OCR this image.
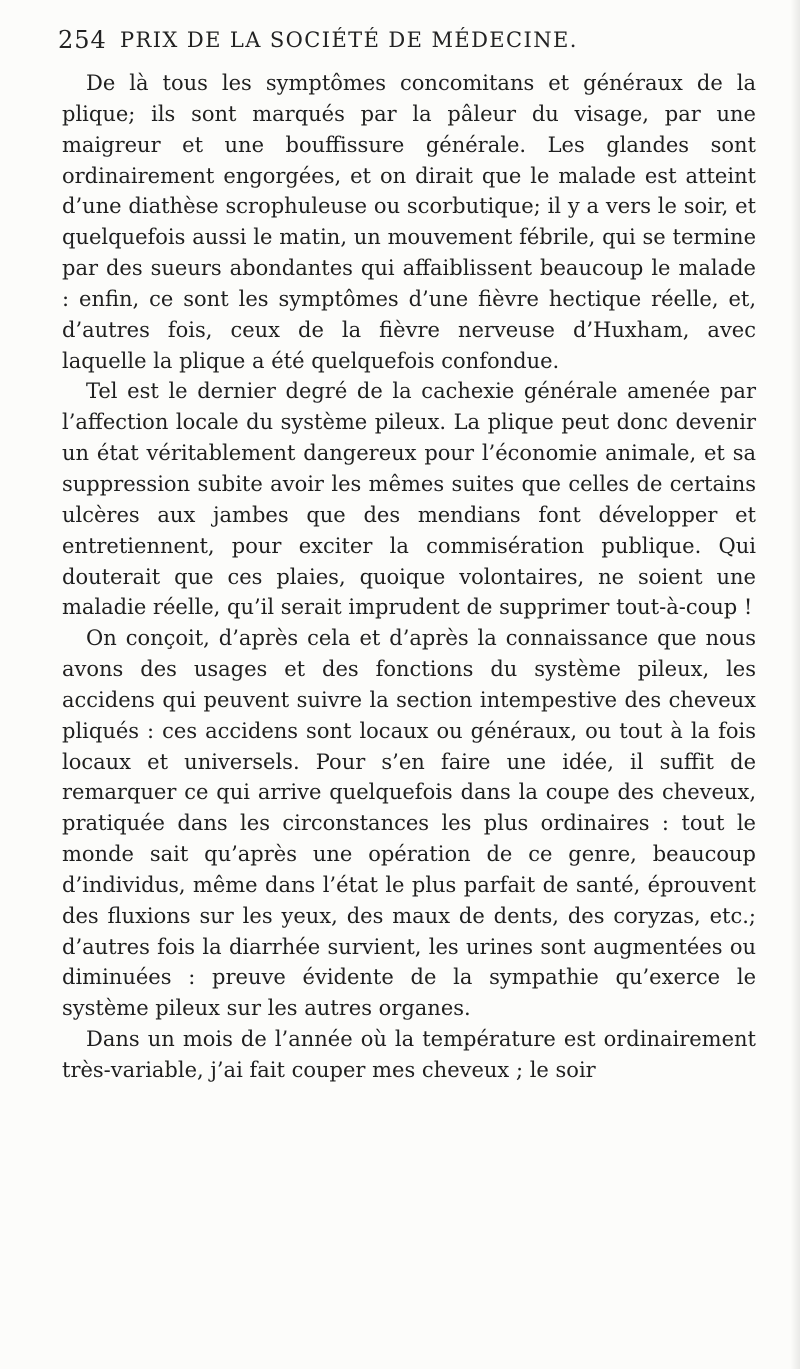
254 PRIX DE LA SOCIÉTÉ DE MÉDECINE.

De là tous les symptômes concomitans et généraux de la plique; ils sont marqués par la pâleur du visage, par une maigreur et une bouffissure générale. Les glandes sont ordinairement engorgées, et on dirait que le malade est atteint d’une diathèse scrophuleuse ou scorbutique; il y a vers le soir, et quelquefois aussi le matin, un mouvement fébrile, qui se termine par des sueurs abondantes qui affaiblissent beaucoup le malade : enfin, ce sont les symptômes d’une fièvre hectique réelle, et, d’autres fois, ceux de la fièvre nerveuse d’Huxham, avec laquelle la plique a été quelquefois confondue.

Tel est le dernier degré de la cachexie générale amenée par l’affection locale du système pileux. La plique peut donc devenir un état véritablement dangereux pour l’économie animale, et sa suppression subite avoir les mêmes suites que celles de certains ulcères aux jambes que des mendians font développer et entretiennent, pour exciter la commisération publique. Qui douterait que ces plaies, quoique volontaires, ne soient une maladie réelle, qu’il serait imprudent de supprimer tout-à-coup !

On conçoit, d’après cela et d’après la connaissance que nous avons des usages et des fonctions du système pileux, les accidens qui peuvent suivre la section intempestive des cheveux pliqués : ces accidens sont locaux ou généraux, ou tout à la fois locaux et universels. Pour s’en faire une idée, il suffit de remarquer ce qui arrive quelquefois dans la coupe des cheveux, pratiquée dans les circonstances les plus ordinaires : tout le monde sait qu’après une opération de ce genre, beaucoup d’individus, même dans l’état le plus parfait de santé, éprouvent des fluxions sur les yeux, des maux de dents, des coryzas, etc.; d’autres fois la diarrhée survient, les urines sont augmentées ou diminuées : preuve évidente de la sympathie qu’exerce le système pileux sur les autres organes.

Dans un mois de l’année où la température est ordinairement très-variable, j’ai fait couper mes cheveux ; le soir
